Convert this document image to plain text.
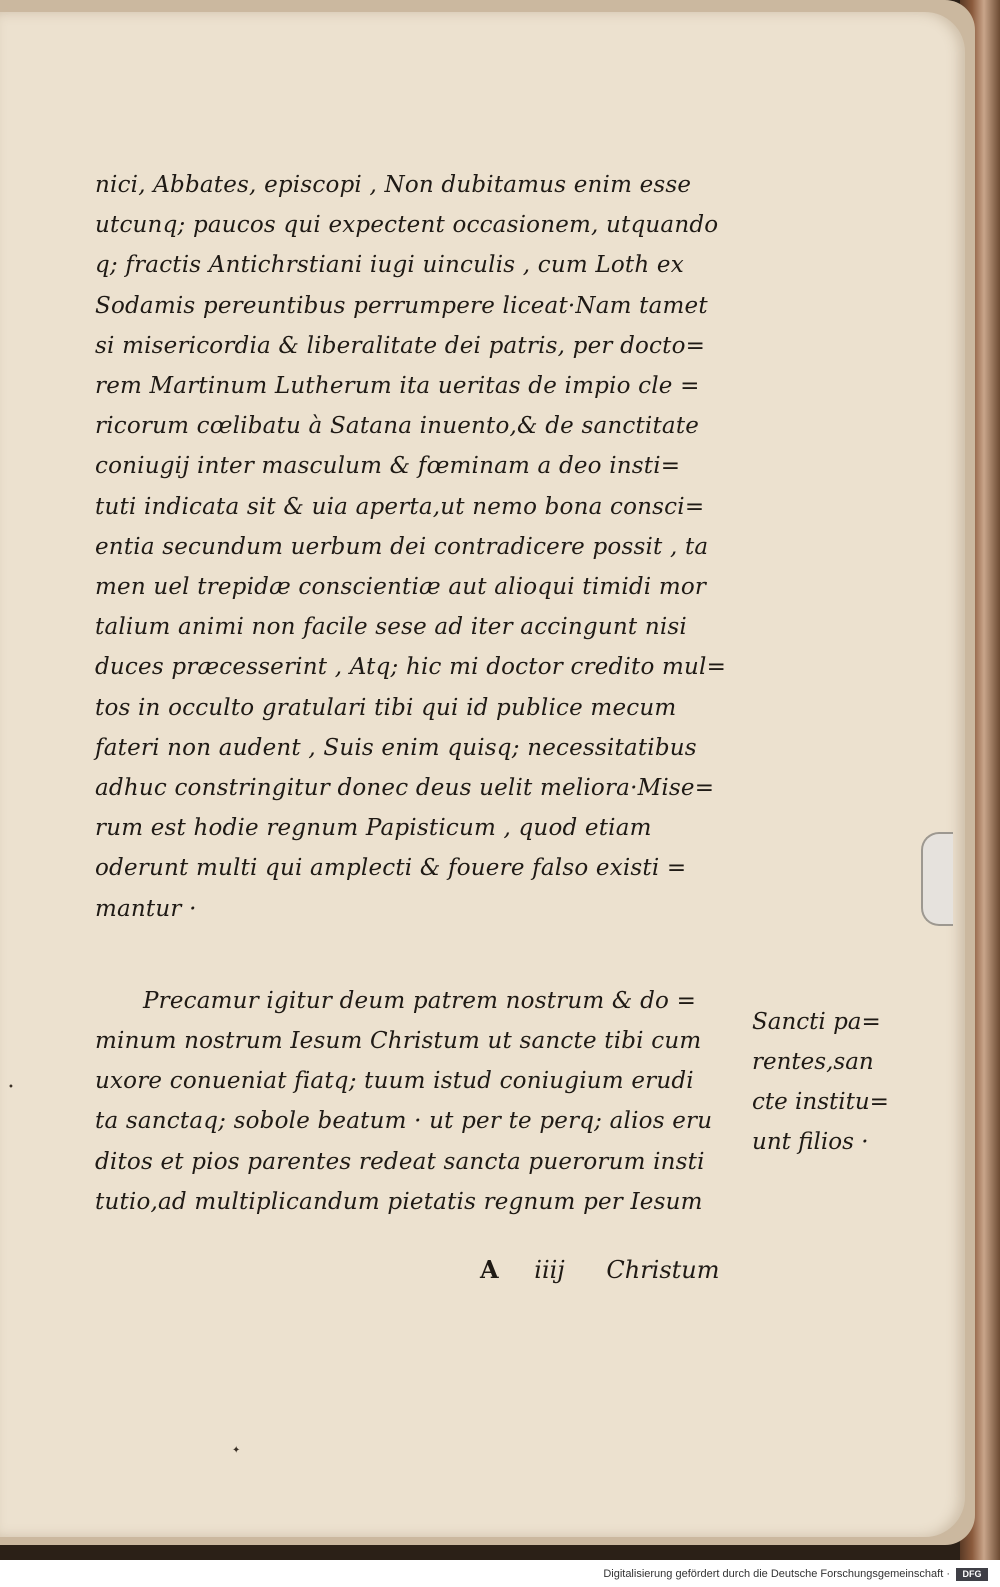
nici, Abbates, episcopi , Non dubitamus enim esse
utcunq; paucos qui expectent occasionem, utquando
q; fractis Antichrstiani iugi uinculis , cum Loth ex
Sodamis pereuntibus perrumpere liceat·Nam tamet
si misericordia & liberalitate dei patris, per docto=
rem Martinum Lutherum ita ueritas de impio cle =
ricorum cœlibatu à Satana inuento,& de sanctitate
coniugij inter masculum & fœminam a deo insti=
tuti indicata sit & uia aperta,ut nemo bona consci=
entia secundum uerbum dei contradicere possit , ta
men uel trepidæ conscientiæ aut alioqui timidi mor
talium animi non facile sese ad iter accingunt nisi
duces præcesserint , Atq; hic mi doctor credito mul=
tos in occulto gratulari tibi qui id publice mecum
fateri non audent , Suis enim quisq; necessitatibus
adhuc constringitur donec deus uelit meliora·Mise=
rum est hodie regnum Papisticum , quod etiam
oderunt multi qui amplecti & fouere falso existi =
mantur ·
Precamur igitur deum patrem nostrum & do =
minum nostrum Iesum Christum ut sancte tibi cum
uxore conueniat fiatq; tuum istud coniugium erudi
ta sanctaq; sobole beatum · ut per te perq; alios eru
ditos et pios parentes redeat sancta puerorum insti
tutio,ad multiplicandum pietatis regnum per Iesum
Sancti pa=
rentes,san
cte institu=
unt filios ·
A iiij Christum
•
✦
Digitalisierung gefördert durch die Deutsche Forschungsgemeinschaft ·	DFG
